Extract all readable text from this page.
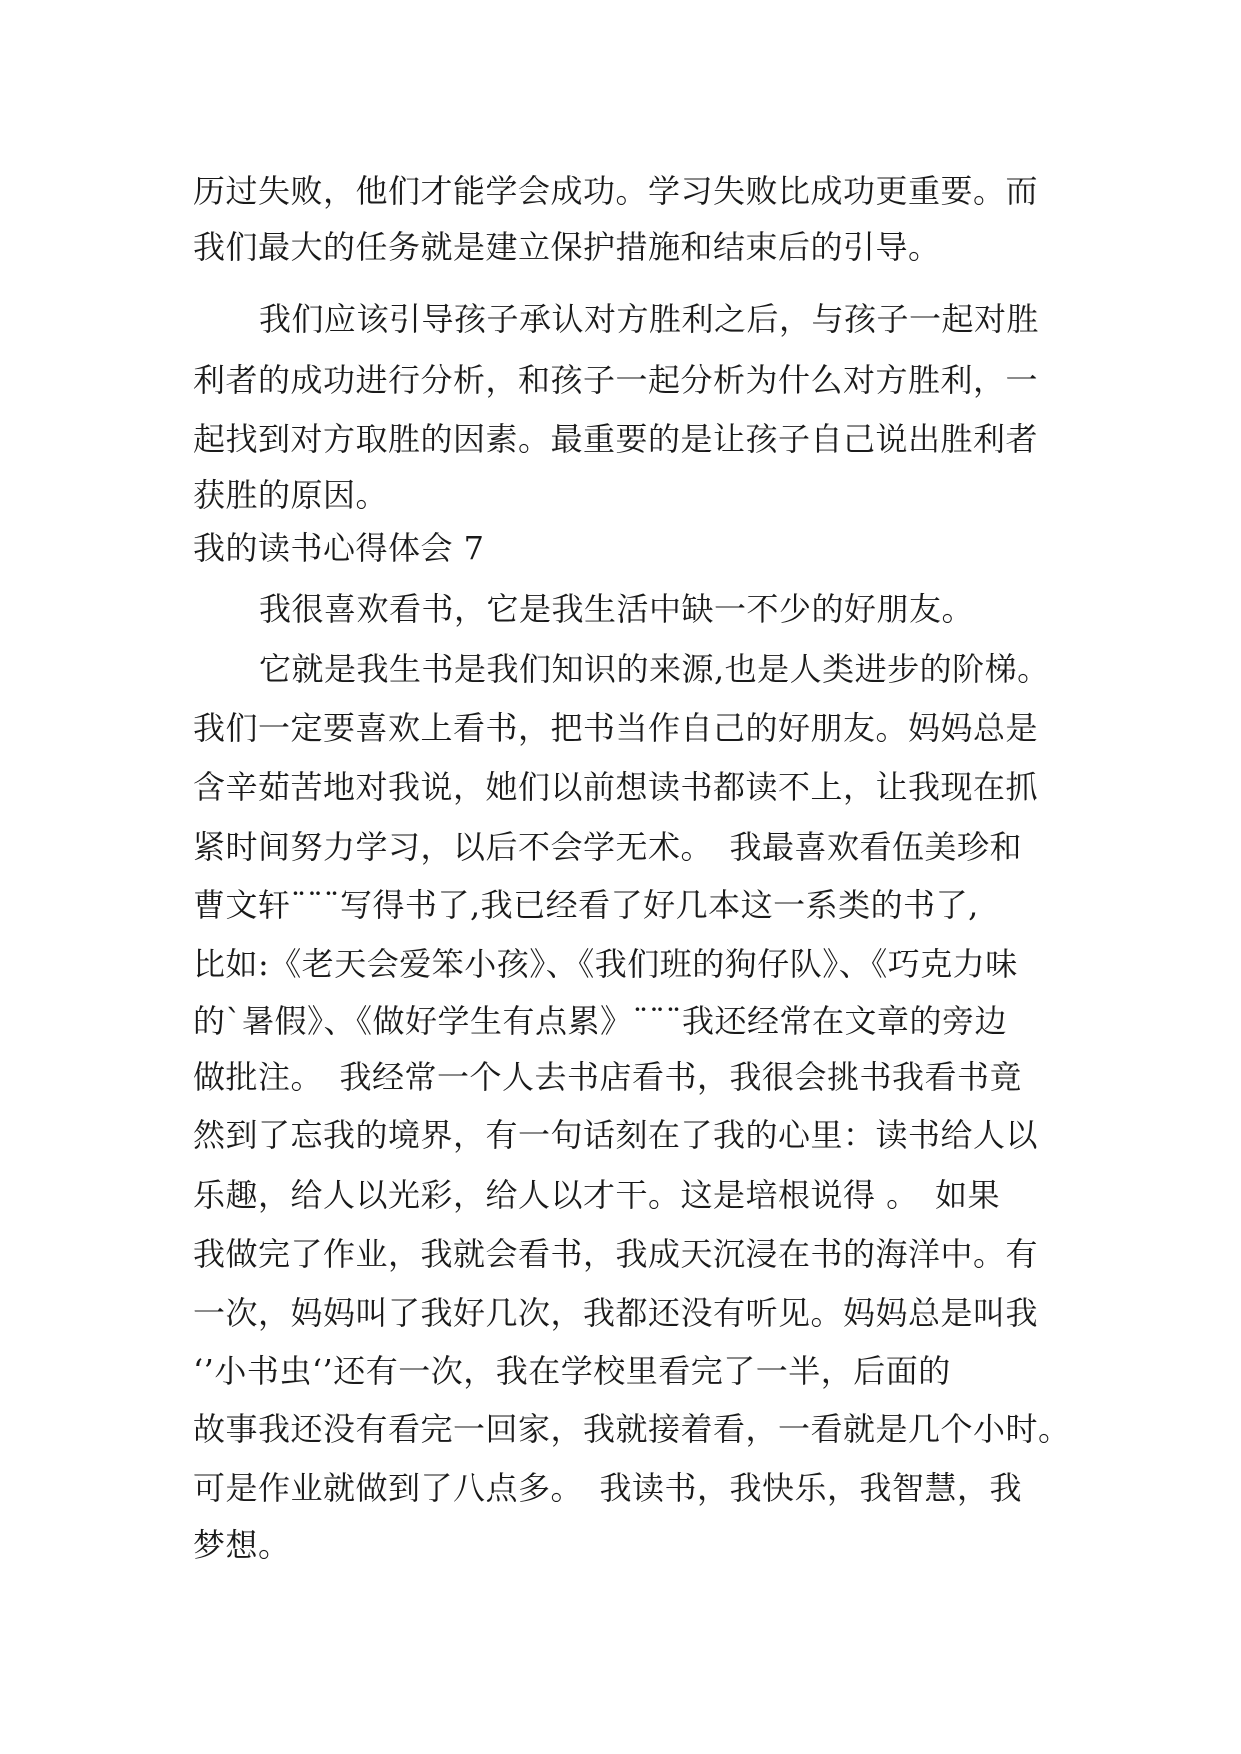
历过失败，他们才能学会成功。学习失败比成功更重要。而
我们最大的任务就是建立保护措施和结束后的引导。
我们应该引导孩子承认对方胜利之后，与孩子一起对胜
利者的成功进行分析，和孩子一起分析为什么对方胜利，一
起找到对方取胜的因素。最重要的是让孩子自己说出胜利者
获胜的原因。
我的读书心得体会 7
我很喜欢看书，它是我生活中缺一不少的好朋友。
它就是我生书是我们知识的来源,也是人类进步的阶梯。
我们一定要喜欢上看书，把书当作自己的好朋友。妈妈总是
含辛茹苦地对我说，她们以前想读书都读不上，让我现在抓
紧时间努力学习，以后不会学无术。　我最喜欢看伍美珍和
曹文轩¨¨¨写得书了,我已经看了好几本这一系类的书了,
比如:《老天会爱笨小孩》、《我们班的狗仔队》、《巧克力味
的`暑假》、《做好学生有点累》¨¨¨我还经常在文章的旁边
做批注。　我经常一个人去书店看书，我很会挑书我看书竟
然到了忘我的境界，有一句话刻在了我的心里：读书给人以
乐趣，给人以光彩，给人以才干。这是培根说得 。　如果
我做完了作业，我就会看书，我成天沉浸在书的海洋中。有
一次，妈妈叫了我好几次，我都还没有听见。妈妈总是叫我
‘’小书虫‘’还有一次，我在学校里看完了一半，后面的
故事我还没有看完一回家，我就接着看，一看就是几个小时。
可是作业就做到了八点多。　我读书，我快乐，我智慧，我
梦想。
